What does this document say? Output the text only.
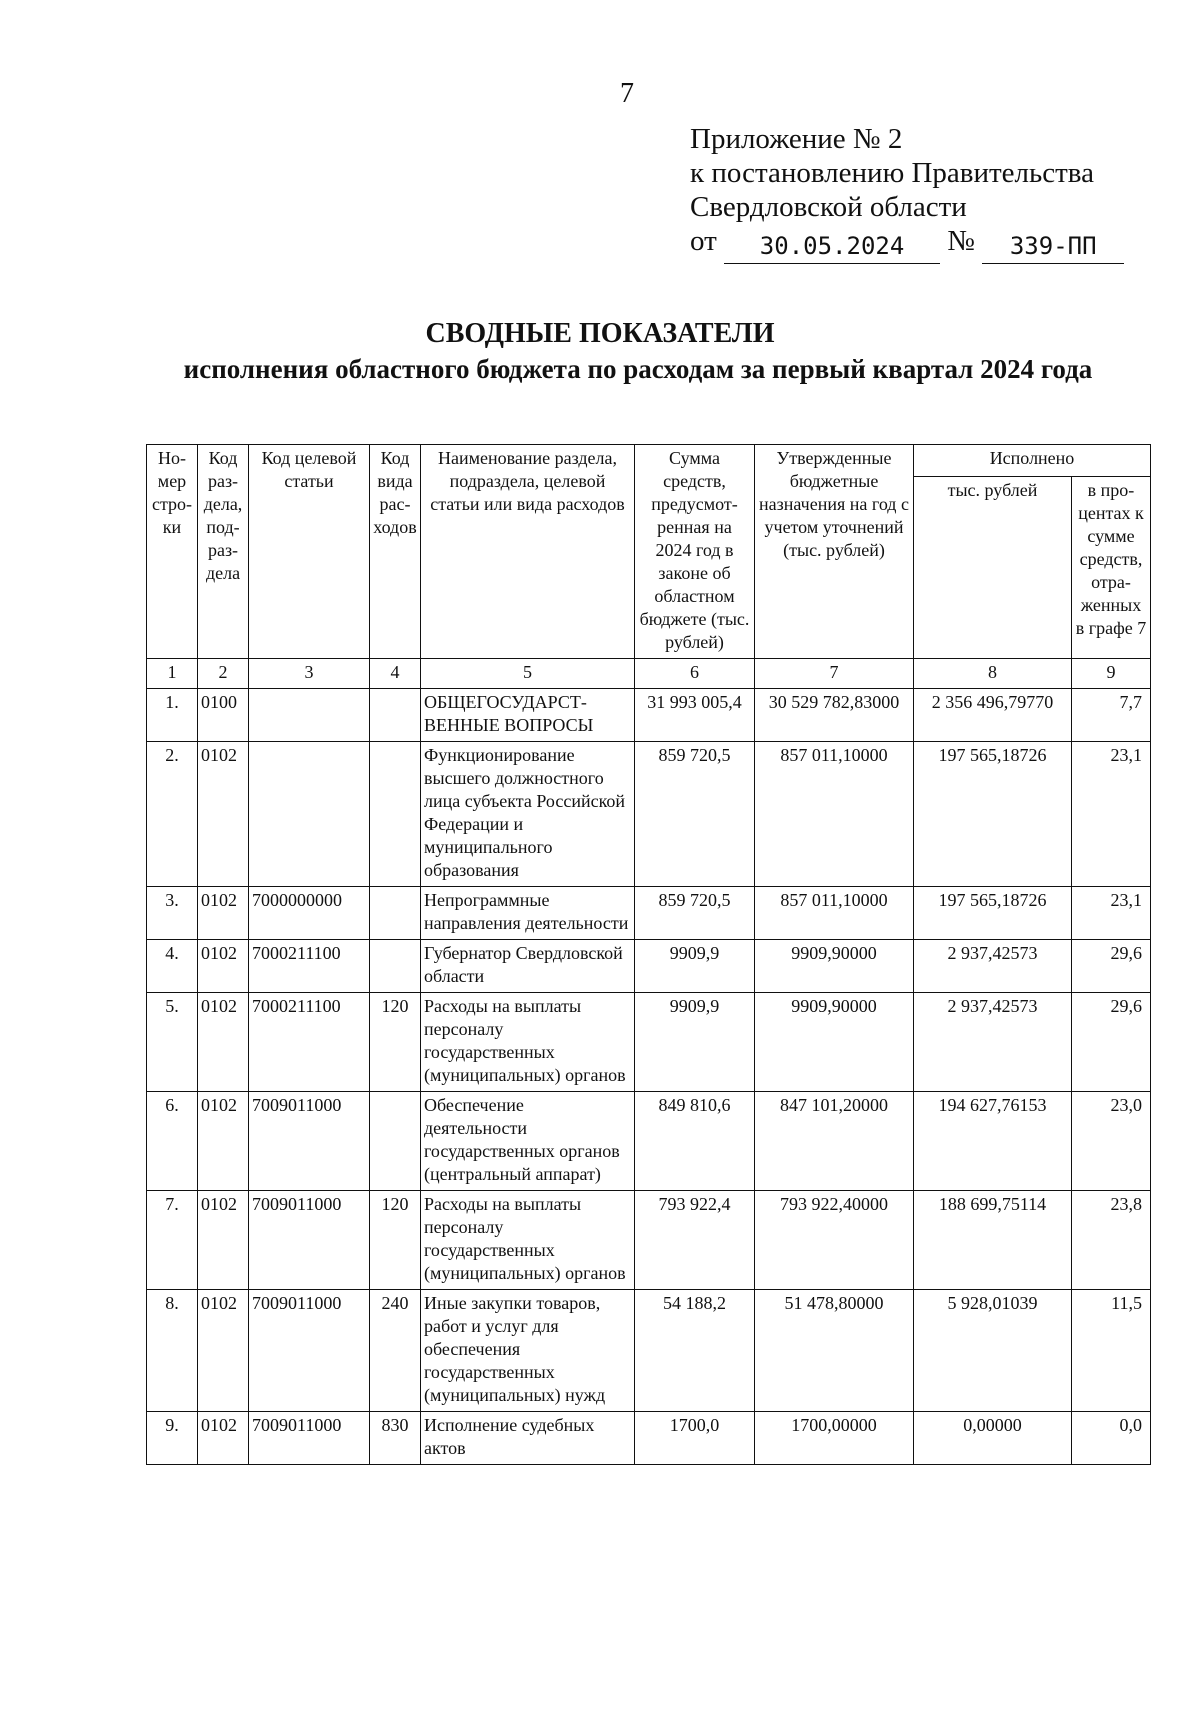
7
Приложение № 2
к постановлению Правительства
Свердловской области
от 30.05.2024 № 339-ПП
СВОДНЫЕ ПОКАЗАТЕЛИ
исполнения областного бюджета по расходам за первый квартал 2024 года
Но-мер стро-ки	Код раз-дела, под-раз-дела	Код целевой статьи	Код вида рас-ходов	Наименование раздела, подраздела, целевой статьи или вида расходов	Сумма средств, предусмот-ренная на 2024 год в законе об областном бюджете (тыс. рублей)	Утвержденные бюджетные назначения на год с учетом уточнений (тыс. рублей)	Исполнено	
							тыс. рублей	в про-центах к сумме средств, отра-женных в графе 7
1	2	3	4	5	6	7	8	9
1.	0100			ОБЩЕГОСУДАРСТ-ВЕННЫЕ ВОПРОСЫ	31 993 005,4	30 529 782,83000	2 356 496,79770	7,7
2.	0102			Функционирование высшего должностного лица субъекта Российской Федерации и муниципального образования	859 720,5	857 011,10000	197 565,18726	23,1
3.	0102	7000000000		Непрограммные направления деятельности	859 720,5	857 011,10000	197 565,18726	23,1
4.	0102	7000211100		Губернатор Свердловской области	9909,9	9909,90000	2 937,42573	29,6
5.	0102	7000211100	120	Расходы на выплаты персоналу государственных (муниципальных) органов	9909,9	9909,90000	2 937,42573	29,6
6.	0102	7009011000		Обеспечение деятельности государственных органов (центральный аппарат)	849 810,6	847 101,20000	194 627,76153	23,0
7.	0102	7009011000	120	Расходы на выплаты персоналу государственных (муниципальных) органов	793 922,4	793 922,40000	188 699,75114	23,8
8.	0102	7009011000	240	Иные закупки товаров, работ и услуг для обеспечения государственных (муниципальных) нужд	54 188,2	51 478,80000	5 928,01039	11,5
9.	0102	7009011000	830	Исполнение судебных актов	1700,0	1700,00000	0,00000	0,0
